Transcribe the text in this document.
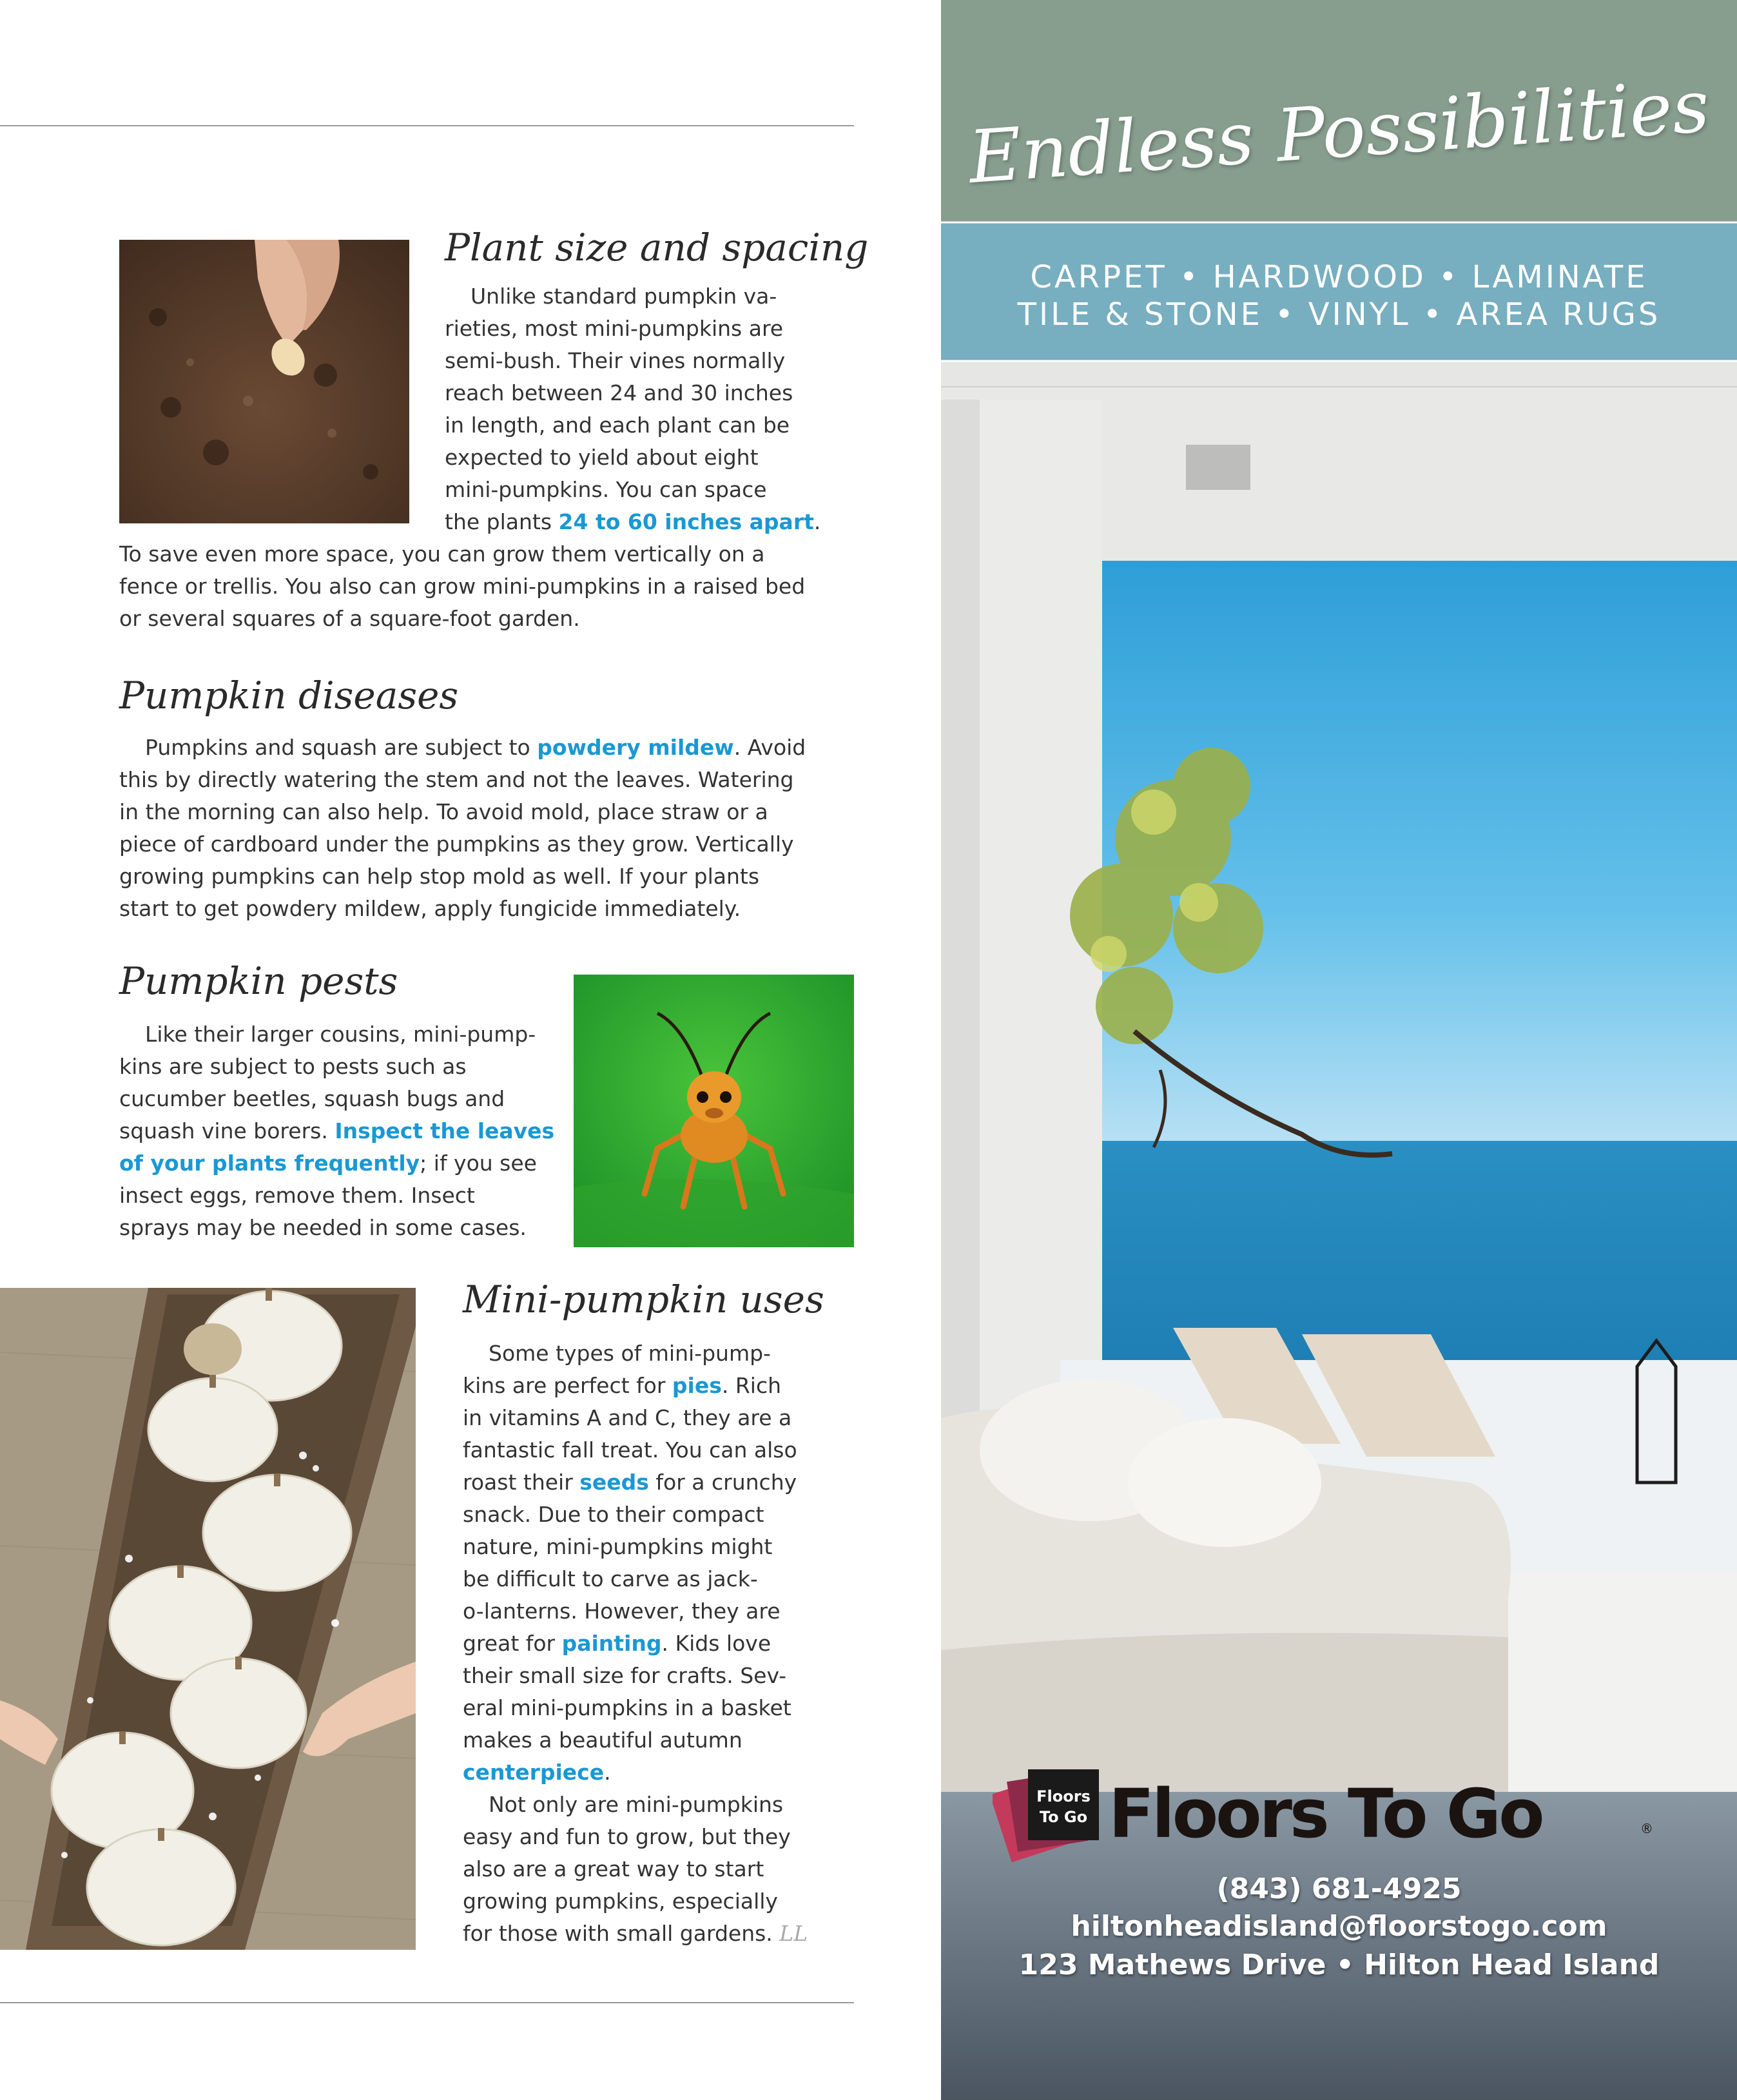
Plant size and spacing
Unlike standard pumpkin va-
rieties, most mini-pumpkins are
semi-bush. Their vines normally
reach between 24 and 30 inches
in length, and each plant can be
expected to yield about eight
mini-pumpkins. You can space
the plants 24 to 60 inches apart.
To save even more space, you can grow them vertically on a
fence or trellis. You also can grow mini-pumpkins in a raised bed
or several squares of a square-foot garden.
Pumpkin diseases
Pumpkins and squash are subject to powdery mildew. Avoid
this by directly watering the stem and not the leaves. Watering
in the morning can also help. To avoid mold, place straw or a
piece of cardboard under the pumpkins as they grow. Vertically
growing pumpkins can help stop mold as well. If your plants
start to get powdery mildew, apply fungicide immediately.
Pumpkin pests
Like their larger cousins, mini-pump-
kins are subject to pests such as
cucumber beetles, squash bugs and
squash vine borers. Inspect the leaves
of your plants frequently; if you see
insect eggs, remove them. Insect
sprays may be needed in some cases.
Mini-pumpkin uses
Some types of mini-pump-
kins are perfect for pies. Rich
in vitamins A and C, they are a
fantastic fall treat. You can also
roast their seeds for a crunchy
snack. Due to their compact
nature, mini-pumpkins might
be difficult to carve as jack-
o-lanterns. However, they are
great for painting. Kids love
their small size for crafts. Sev-
eral mini-pumpkins in a basket
makes a beautiful autumn
centerpiece.
Not only are mini-pumpkins
easy and fun to grow, but they
also are a great way to start
growing pumpkins, especially
for those with small gardens. LL
Endless Possibilities
CARPET • HARDWOOD • LAMINATE
TILE & STONE • VINYL • AREA RUGS
Floors
To Go Floors To Go	®
(843) 681-4925
hiltonheadisland@floorstogo.com
123 Mathews Drive • Hilton Head Island
